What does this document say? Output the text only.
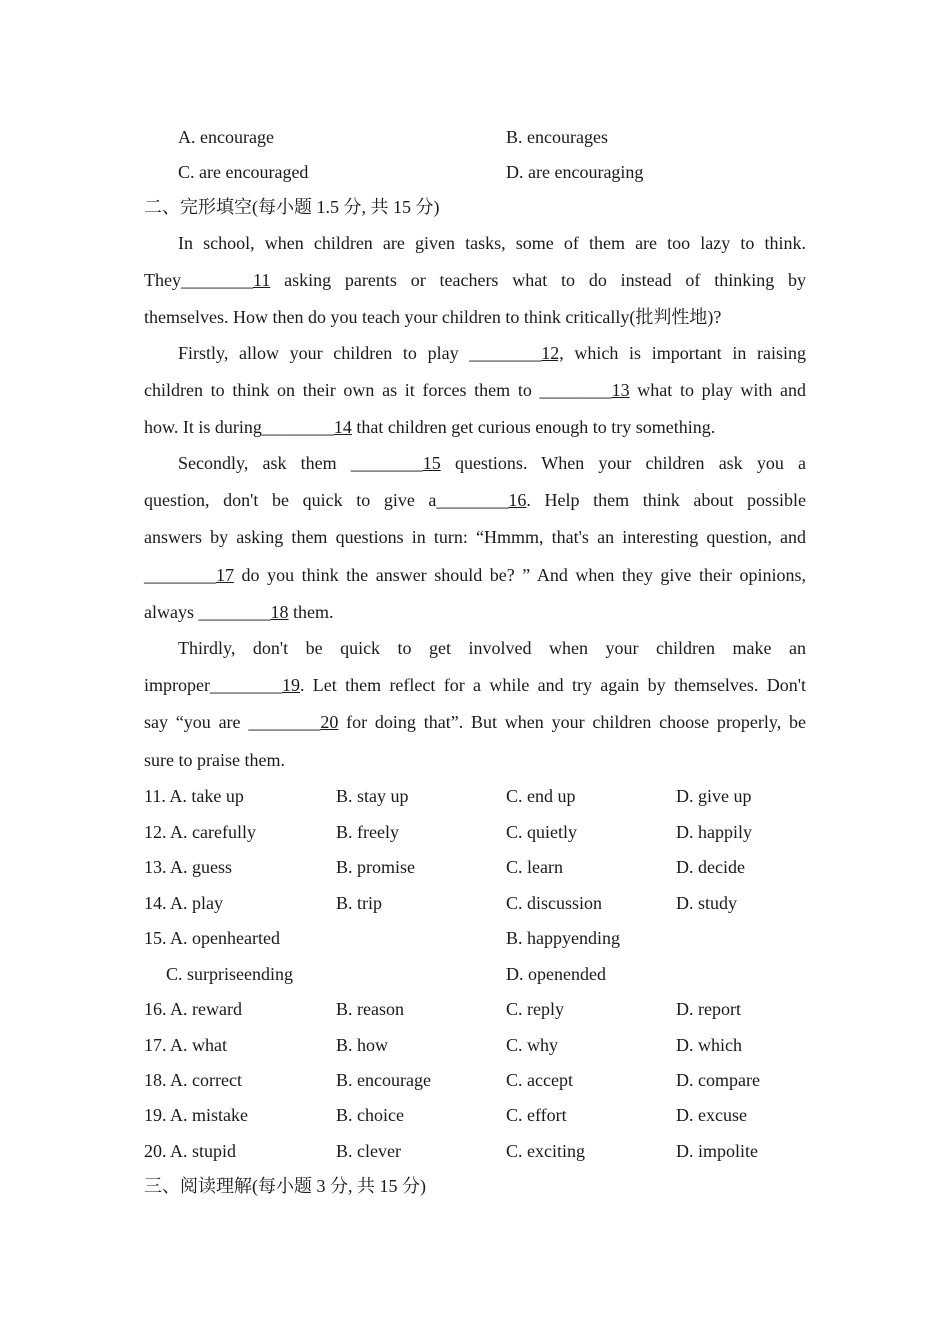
A. encourage	B. encourages
C. are encouraged	D. are encouraging
二、完形填空(每小题 1.5 分, 共 15 分)
In school, when children are given tasks, some of them are too lazy to think.
They________11 asking parents or teachers what to do instead of thinking by
themselves. How then do you teach your children to think critically(批判性地)?
Firstly, allow your children to play ________12, which is important in raising
children to think on their own as it forces them to ________13 what to play with and
how. It is during________14 that children get curious enough to try something.
Secondly, ask them ________15 questions. When your children ask you a
question, don't be quick to give a________16. Help them think about possible
answers by asking them questions in turn: “Hmmm, that's an interesting question, and
________17 do you think the answer should be? ” And when they give their opinions,
always ________18 them.
Thirdly, don't be quick to get involved when your children make an
improper________19. Let them reflect for a while and try again by themselves. Don't
say “you are ________20 for doing that”. But when your children choose properly, be
sure to praise them.
11. A. take up	B. stay up	C. end up	D. give up
12. A. carefully	B. freely	C. quietly	D. happily
13. A. guess	B. promise	C. learn	D. decide
14. A. play	B. trip	C. discussion	D. study
15. A. openhearted	B. happyending
C. surpriseending	D. openended
16. A. reward	B. reason	C. reply	D. report
17. A. what	B. how	C. why	D. which
18. A. correct	B. encourage	C. accept	D. compare
19. A. mistake	B. choice	C. effort	D. excuse
20. A. stupid	B. clever	C. exciting	D. impolite
三、阅读理解(每小题 3 分, 共 15 分)
